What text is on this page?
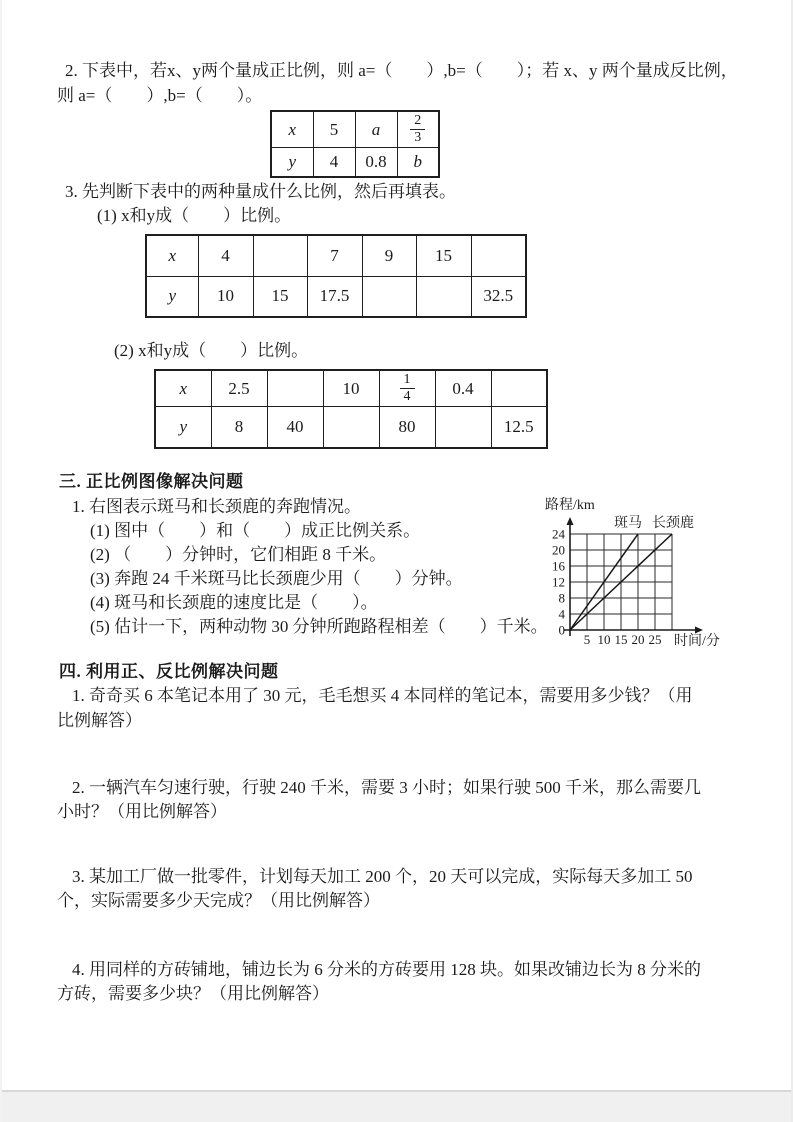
2. 下表中，若x、y两个量成正比例，则 a=（　　）,b=（　　）；若 x、y 两个量成反比例，
则 a=（　　）,b=（　　）。
x	5	a	$\frac{2}{3}$

y	4	0.8	b
3. 先判断下表中的两种量成什么比例，然后再填表。
(1) x和y成（　　）比例。
x	4		7	9	15	
y	10	15	17.5			32.5
(2) x和y成（　　）比例。
x	2.5		10	$\frac{1}{4}$	0.4	
y	8	40		80		12.5
三. 正比例图像解决问题
1. 右图表示斑马和长颈鹿的奔跑情况。
(1) 图中（　　）和（　　）成正比例关系。
(2) （　　）分钟时，它们相距 8 千米。
(3) 奔跑 24 千米斑马比长颈鹿少用（　　）分钟。
(4) 斑马和长颈鹿的速度比是（　　）。
(5) 估计一下，两种动物 30 分钟所跑路程相差（　　）千米。
路程/km
斑马 长颈鹿
0
4
8
12
16
20
24
5 10 15 20 25 时间/分
四. 利用正、反比例解决问题
1. 奇奇买 6 本笔记本用了 30 元，毛毛想买 4 本同样的笔记本，需要用多少钱？（用
比例解答）
2. 一辆汽车匀速行驶，行驶 240 千米，需要 3 小时；如果行驶 500 千米，那么需要几
小时？（用比例解答）
3. 某加工厂做一批零件，计划每天加工 200 个，20 天可以完成，实际每天多加工 50
个，实际需要多少天完成？（用比例解答）
4. 用同样的方砖铺地，铺边长为 6 分米的方砖要用 128 块。如果改铺边长为 8 分米的
方砖，需要多少块？（用比例解答）
